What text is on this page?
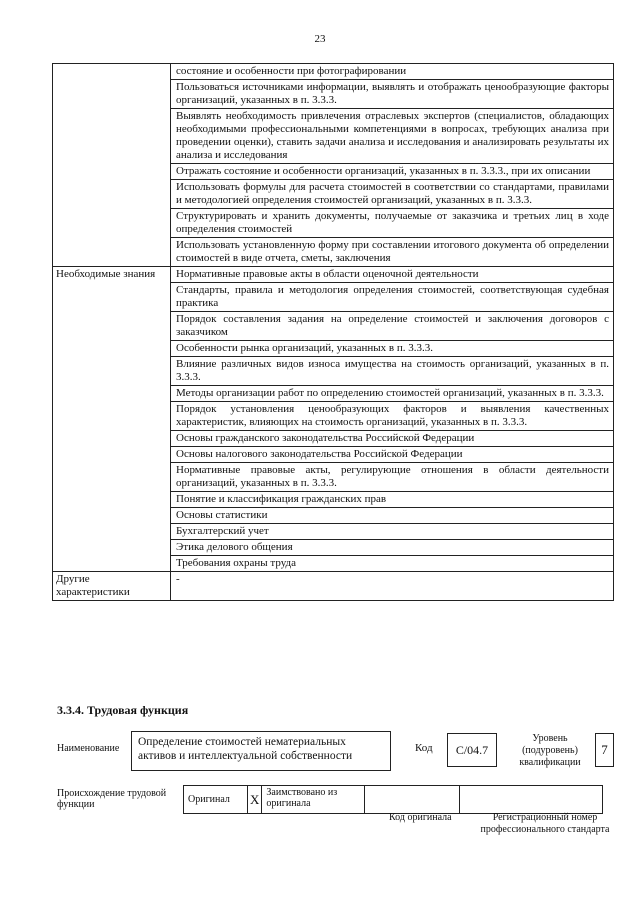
23
	состояние и особенности при фотографировании
	Пользоваться источниками информации, выявлять и отображать ценообразующие факторы организаций, указанных в п. 3.3.3.
	Выявлять необходимость привлечения отраслевых экспертов (специалистов, обладающих необходимыми профессиональными компетенциями в вопросах, требующих анализа при проведении оценки), ставить задачи анализа и исследования и анализировать результаты их анализа и исследования
	Отражать состояние и особенности организаций, указанных в п. 3.3.3., при их описании
	Использовать формулы для расчета стоимостей в соответствии со стандартами, правилами и методологией определения стоимостей организаций, указанных в п. 3.3.3.
	Структурировать и хранить документы, получаемые от заказчика и третьих лиц в ходе определения стоимостей
	Использовать установленную форму при составлении итогового документа об определении стоимостей в виде отчета, сметы, заключения
Необходимые знания	Нормативные правовые акты в области оценочной деятельности
	Стандарты, правила и методология определения стоимостей, соответствующая судебная практика
	Порядок составления задания на определение стоимостей и заключения договоров с заказчиком
	Особенности рынка организаций, указанных в п. 3.3.3.
	Влияние различных видов износа имущества на стоимость организаций, указанных в п. 3.3.3.
	Методы организации работ по определению стоимостей организаций, указанных в п. 3.3.3.
	Порядок установления ценообразующих факторов и выявления качественных характеристик, влияющих на стоимость организаций, указанных в п. 3.3.3.
	Основы гражданского законодательства Российской Федерации
	Основы налогового законодательства Российской Федерации
	Нормативные правовые акты, регулирующие отношения в области деятельности организаций, указанных в п. 3.3.3.
	Понятие и классификация гражданских прав
	Основы статистики
	Бухгалтерский учет
	Этика делового общения
	Требования охраны труда
Другие характеристики	-
3.3.4. Трудовая функция
Наименование
Определение стоимостей нематериальных активов и интеллектуальной собственности
Код	С/04.7
Уровень (подуровень) квалификации
7
Происхождение трудовой функции	Оригинал	X	Заимствовано из оригинала		
Код оригинала	Регистрационный номер профессионального стандарта
